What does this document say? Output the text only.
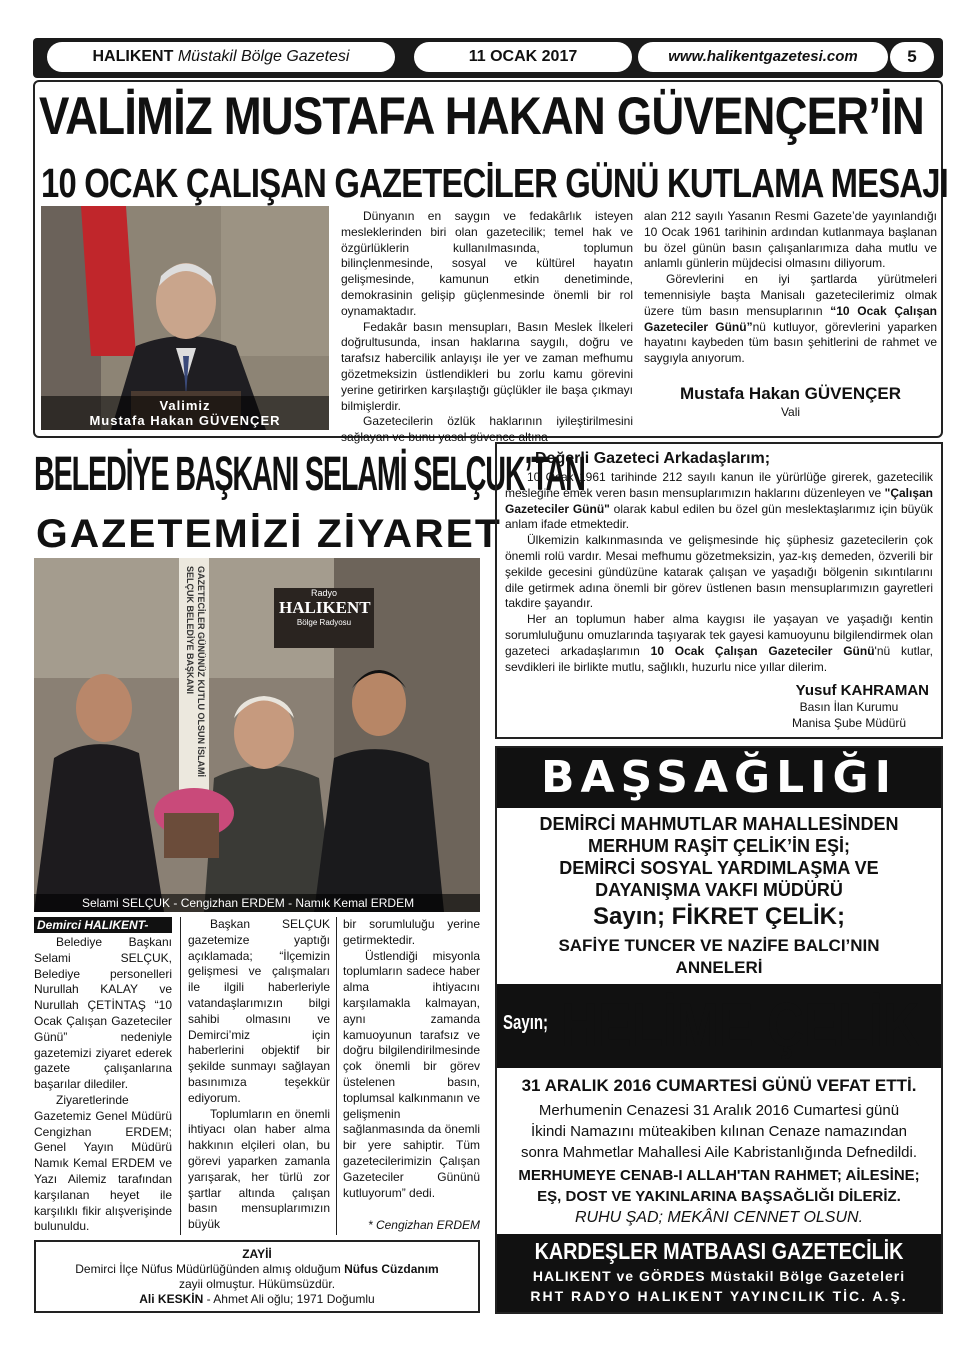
HALIKENT Müstakil Bölge Gazetesi	11 OCAK 2017	www.halikentgazetesi.com	5
VALİMİZ MUSTAFA HAKAN GÜVENÇER’İN
10 OCAK ÇALIŞAN GAZETECİLER GÜNÜ KUTLAMA MESAJI
Valimiz
Mustafa Hakan GÜVENÇER

Dünyanın en saygın ve fedakârlık isteyen mesleklerinden biri olan gazetecilik; temel hak ve özgürlüklerin kullanılmasında, toplumun bilinçlenmesinde, sosyal ve kültürel hayatın gelişmesinde, kamunun etkin denetiminde, demokrasinin gelişip güçlenmesinde önemli bir rol oynamaktadır.

Fedakâr basın mensupları, Basın Meslek İlkeleri doğrultusunda, insan haklarına saygılı, doğru ve tarafsız habercilik anlayışı ile yer ve zaman mefhumu gözetmeksizin üstlendikleri bu zorlu kamu görevini yerine getirirken karşılaştığı güçlükler ile başa çıkmayı bilmişlerdir.

Gazetecilerin özlük haklarının iyileştirilmesini sağlayan ve bunu yasal güvence altına

alan 212 sayılı Yasanın Resmi Gazete’de yayınlandığı 10 Ocak 1961 tarihinin ardından kutlanmaya başlanan bu özel günün basın çalışanlarımıza daha mutlu ve anlamlı günlerin müjdecisi olmasını diliyorum.

Görevlerini en iyi şartlarda yürütmeleri temennisiyle başta Manisalı gazetecilerimiz olmak üzere tüm basın mensuplarının “10 Ocak Çalışan Gazeteciler Günü”nü kutluyor, görevlerini yaparken hayatını kaybeden tüm basın şehitlerini de rahmet ve saygıyla anıyorum.

Mustafa Hakan GÜVENÇER
Vali
BELEDİYE BAŞKANI SELAMİ SELÇUK’TAN
GAZETEMİZİ ZİYARET
GAZETECİLER GÜNÜNÜZ KUTLU OLSUN İSLAMİ SELÇUK BELEDİYE BAŞKANI	Radyo
HALIKENT
Bölge Radyosu
Selami SELÇUK - Cengizhan ERDEM - Namık Kemal ERDEM
Demirci HALIKENT-

Belediye Başkanı Selami SELÇUK, Belediye personelleri Nurullah KALAY ve Nurullah ÇETİNTAŞ “10 Ocak Çalışan Gazeteciler Günü” nedeniyle gazetemizi ziyaret ederek gazete çalışanlarına başarılar dilediler.

Ziyaretlerinde Gazetemiz Genel Müdürü Cengizhan ERDEM; Genel Yayın Müdürü Namık Kemal ERDEM ve Yazı Ailemiz tarafından karşılanan heyet ile karşılıklı fikir alışverişinde bulunuldu.

Başkan SELÇUK gazetemize yaptığı açıklamada; “İlçemizin gelişmesi ve çalışmaları ile ilgili haberleriyle vatandaşlarımızın bilgi sahibi olmasını ve Demirci’miz için haberlerini objektif bir şekilde sunmayı sağlayan basınımıza teşekkür ediyorum.

Toplumların en önemli ihtiyacı olan haber alma hakkının elçileri olan, bu görevi yaparken zamanla yarışarak, her türlü zor şartlar altında çalışan basın mensuplarımızın büyük

bir sorumluluğu yerine getirmektedir.

Üstlendiği misyonla toplumların sadece haber alma ihtiyacını karşılamakla kalmayan, aynı zamanda kamuoyunun tarafsız ve doğru bilgilendirilmesinde çok önemli bir görev üstelenen basın, toplumsal kalkınmanın ve gelişmenin sağlanmasında da önemli bir yere sahiptir. Tüm gazetecilerimizin Çalışan Gazeteciler Gününü kutluyorum” dedi.

* Cengizhan ERDEM
ZAYİİ
Demirci İlçe Nüfus Müdürlüğünden almış olduğum Nüfus Cüzdanım
zayii olmuştur. Hükümsüzdür.
Ali KESKİN - Ahmet Ali oğlu; 1971 Doğumlu
Değerli Gazeteci Arkadaşlarım;

10 Ocak 1961 tarihinde 212 sayılı kanun ile yürürlüğe girerek, gazetecilik mesleğine emek veren basın mensuplarımızın haklarını düzenleyen ve "Çalışan Gazeteciler Günü" olarak kabul edilen bu özel gün meslektaşlarımız için büyük anlam ifade etmektedir.

Ülkemizin kalkınmasında ve gelişmesinde hiç şüphesiz gazetecilerin çok önemli rolü vardır. Mesai mefhumu gözetmeksizin, yaz-kış demeden, özverili bir şekilde gecesini gündüzüne katarak çalışan ve yaşadığı bölgenin sıkıntılarını dile getirmek adına önemli bir görev üstlenen basın mensuplarımızın gayretleri takdire şayandır.

Her an toplumun haber alma kaygısı ile yaşayan ve yaşadığı kentin sorumluluğunu omuzlarında taşıyarak tek gayesi kamuoyunu bilgilendirmek olan gazeteci arkadaşlarımın 10 Ocak Çalışan Gazeteciler Günü'nü kutlar, sevdikleri ile birlikte mutlu, sağlıklı, huzurlu nice yıllar dilerim.

Yusuf KAHRAMAN
Basın İlan Kurumu
Manisa Şube Müdürü
BAŞSAĞLIĞI
DEMİRCİ MAHMUTLAR MAHALLESİNDEN
MERHUM RAŞİT ÇELİK’İN EŞİ;
DEMİRCİ SOSYAL YARDIMLAŞMA VE
DAYANIŞMA VAKFI MÜDÜRÜ
Sayın; FİKRET ÇELİK;
SAFİYE TUNCER VE NAZİFE BALCI’NIN
ANNELERİ
Sayın; HELİME ÇELİK
31 ARALIK 2016 CUMARTESİ GÜNÜ VEFAT ETTİ.
Merhumenin Cenazesi 31 Aralık 2016 Cumartesi günü
İkindi Namazını müteakiben kılınan Cenaze namazından
sonra Mahmetlar Mahallesi Aile Kabristanlığında Defnedildi.
MERHUMEYE CENAB-I ALLAH'TAN RAHMET; AİLESİNE;
EŞ, DOST VE YAKINLARINA BAŞSAĞLIĞI DİLERİZ.
RUHU ŞAD; MEKÂNI CENNET OLSUN.
KARDEŞLER MATBAASI GAZETECİLİK
HALIKENT ve GÖRDES Müstakil Bölge Gazeteleri
RHT RADYO HALIKENT YAYINCILIK TİC. A.Ş.
